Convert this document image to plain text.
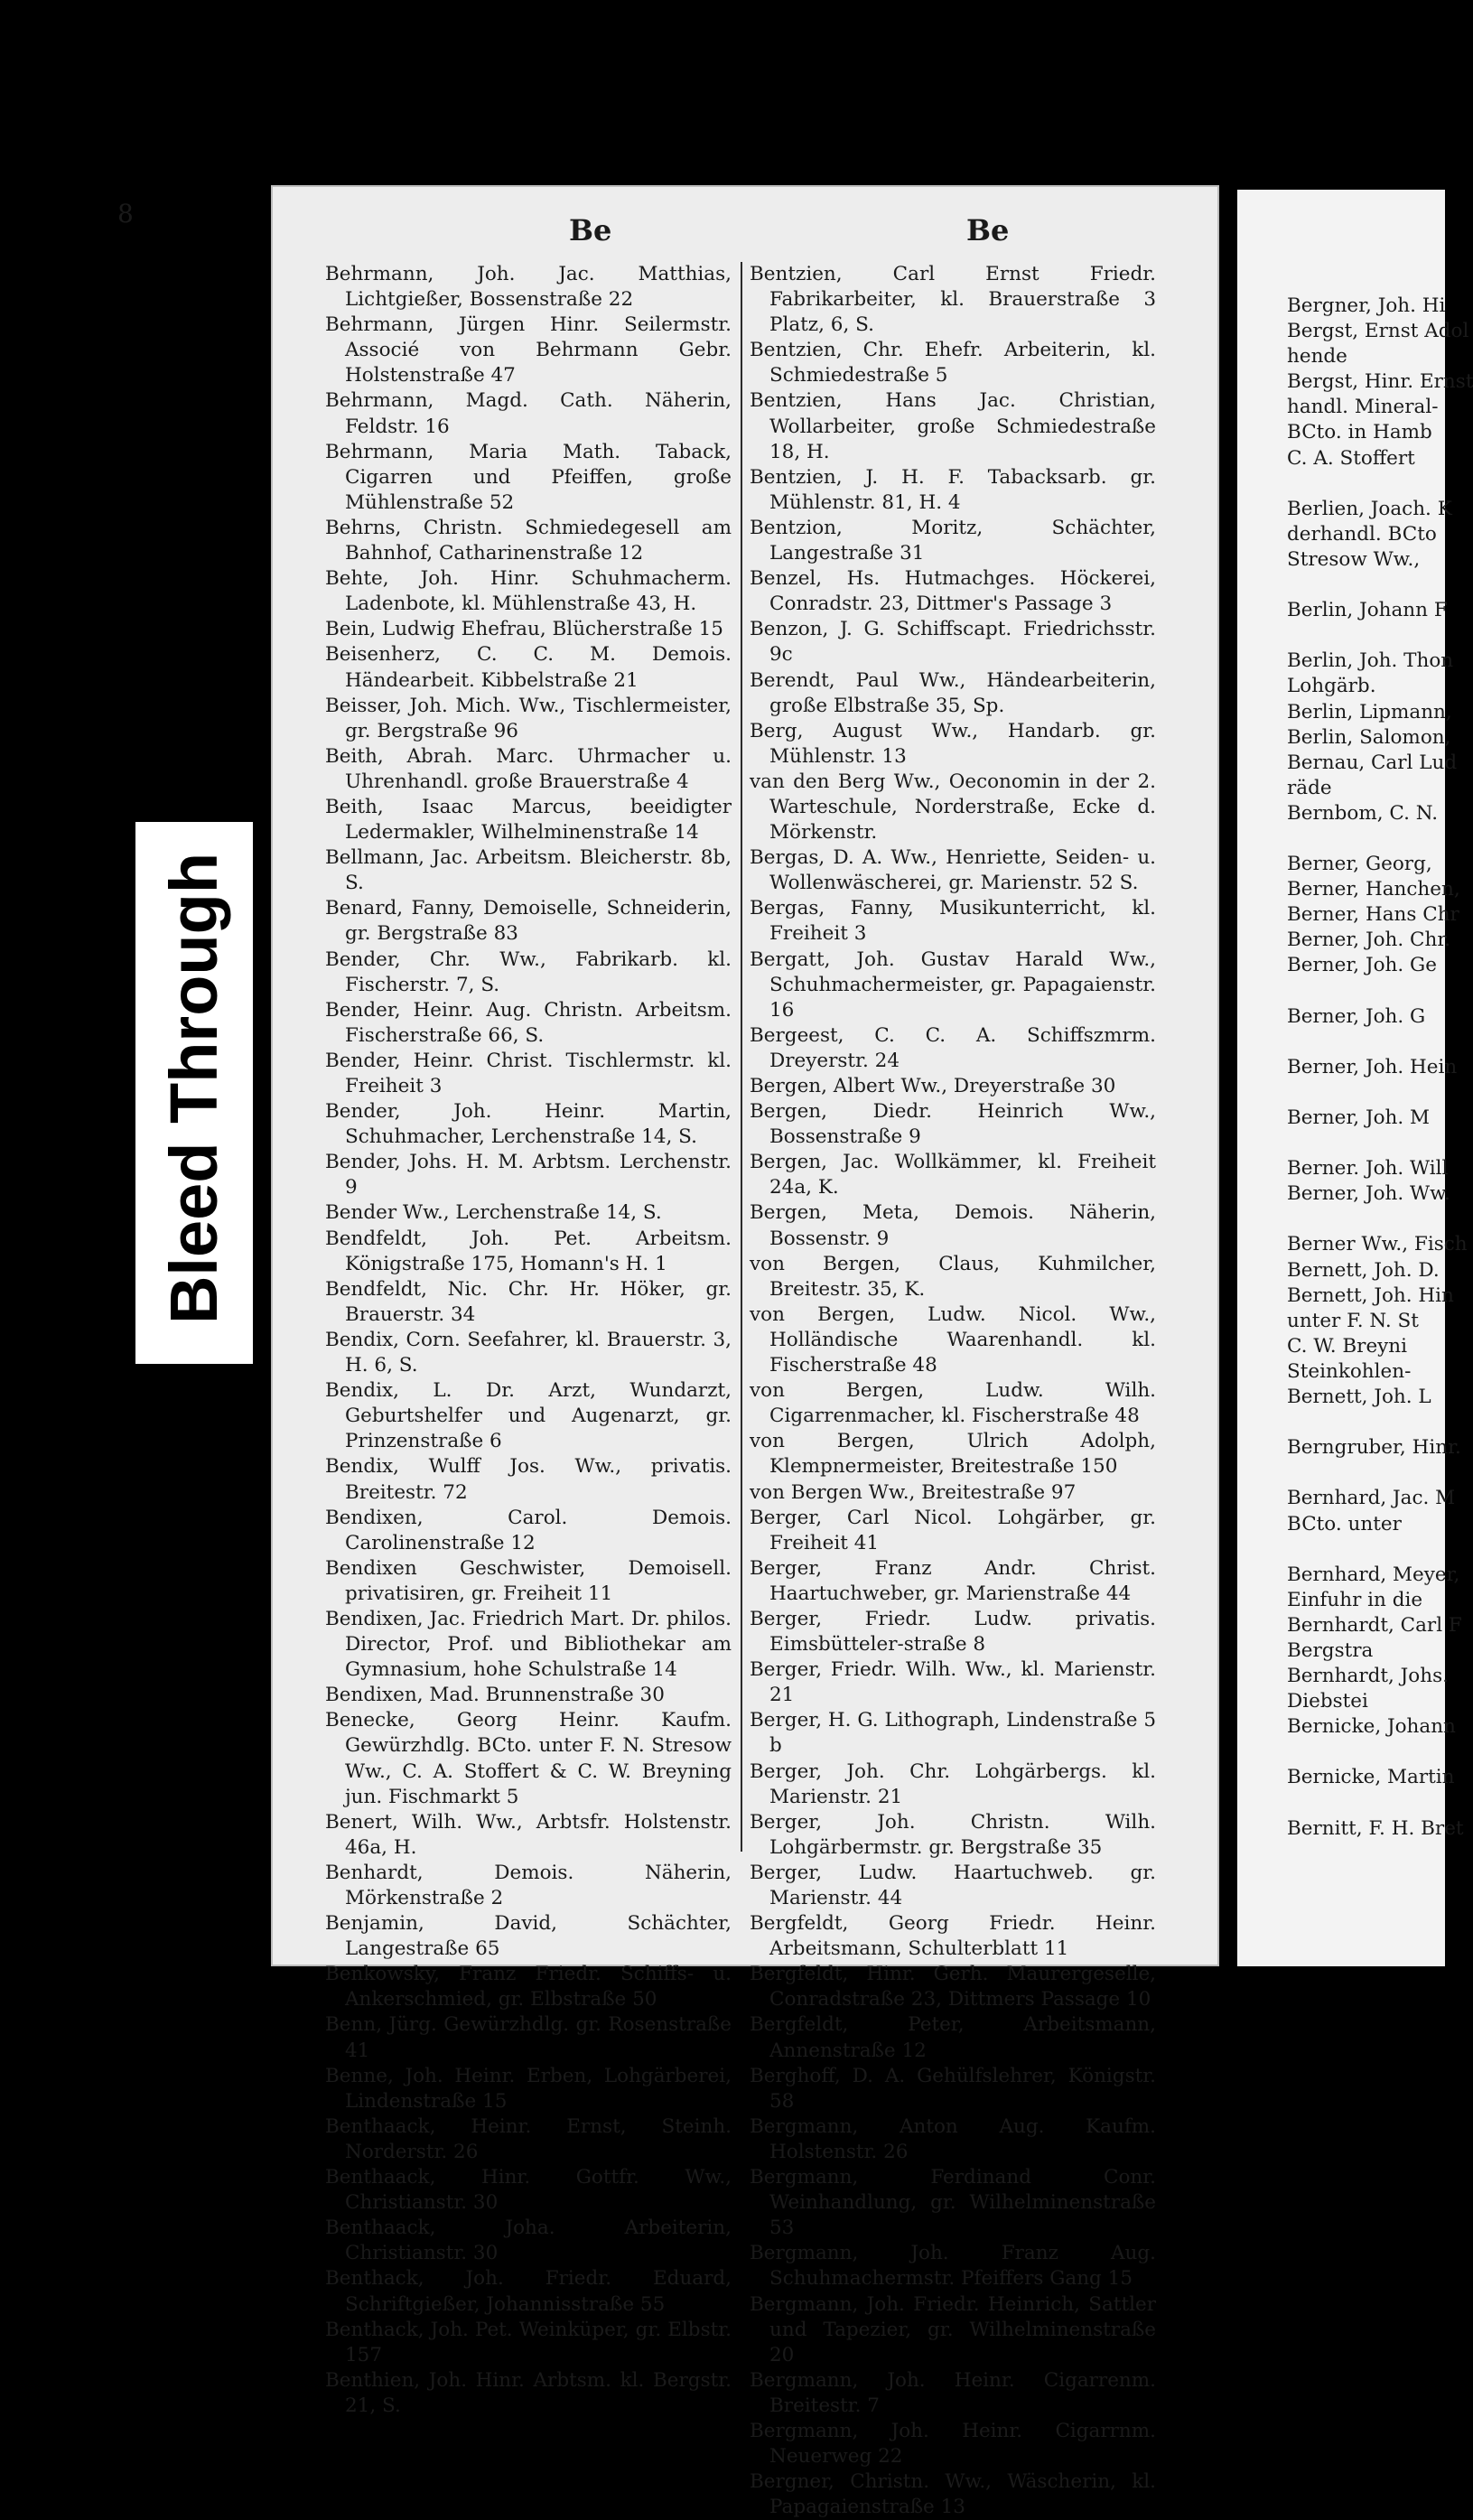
Bleed Through
8	Be	Be
Behrmann, Joh. Jac. Matthias, Lichtgießer, Bossenstraße 22
Behrmann, Jürgen Hinr. Seilermstr. Associé von Behrmann Gebr. Holstenstraße 47
Behrmann, Magd. Cath. Näherin, Feldstr. 16
Behrmann, Maria Math. Taback, Cigarren und Pfeiffen, große Mühlenstraße 52
Behrns, Christn. Schmiedegesell am Bahnhof, Catharinenstraße 12
Behte, Joh. Hinr. Schuhmacherm. Ladenbote, kl. Mühlenstraße 43, H.
Bein, Ludwig Ehefrau, Blücherstraße 15
Beisenherz, C. C. M. Demois. Händearbeit. Kibbelstraße 21
Beisser, Joh. Mich. Ww., Tischlermeister, gr. Bergstraße 96
Beith, Abrah. Marc. Uhrmacher u. Uhrenhandl. große Brauerstraße 4
Beith, Isaac Marcus, beeidigter Ledermakler, Wilhelminenstraße 14
Bellmann, Jac. Arbeitsm. Bleicherstr. 8b, S.
Benard, Fanny, Demoiselle, Schneiderin, gr. Bergstraße 83
Bender, Chr. Ww., Fabrikarb. kl. Fischerstr. 7, S.
Bender, Heinr. Aug. Christn. Arbeitsm. Fischerstraße 66, S.
Bender, Heinr. Christ. Tischlermstr. kl. Freiheit 3
Bender, Joh. Heinr. Martin, Schuhmacher, Lerchenstraße 14, S.
Bender, Johs. H. M. Arbtsm. Lerchenstr. 9
Bender Ww., Lerchenstraße 14, S.
Bendfeldt, Joh. Pet. Arbeitsm. Königstraße 175, Homann's H. 1
Bendfeldt, Nic. Chr. Hr. Höker, gr. Brauerstr. 34
Bendix, Corn. Seefahrer, kl. Brauerstr. 3, H. 6, S.
Bendix, L. Dr. Arzt, Wundarzt, Geburtshelfer und Augenarzt, gr. Prinzenstraße 6
Bendix, Wulff Jos. Ww., privatis. Breitestr. 72
Bendixen, Carol. Demois. Carolinenstraße 12
Bendixen Geschwister, Demoisell. privatisiren, gr. Freiheit 11
Bendixen, Jac. Friedrich Mart. Dr. philos. Director, Prof. und Bibliothekar am Gymnasium, hohe Schulstraße 14
Bendixen, Mad. Brunnenstraße 30
Benecke, Georg Heinr. Kaufm. Gewürzhdlg. BCto. unter F. N. Stresow Ww., C. A. Stoffert & C. W. Breyning jun. Fischmarkt 5
Benert, Wilh. Ww., Arbtsfr. Holstenstr. 46a, H.
Benhardt, Demois. Näherin, Mörkenstraße 2
Benjamin, David, Schächter, Langestraße 65
Benkowsky, Franz Friedr. Schiffs- u. Ankerschmied, gr. Elbstraße 50
Benn, Jürg. Gewürzhdlg. gr. Rosenstraße 41
Benne, Joh. Heinr. Erben, Lohgärberei, Lindenstraße 15
Benthaack, Heinr. Ernst, Steinh. Norderstr. 26
Benthaack, Hinr. Gottfr. Ww., Christianstr. 30
Benthaack, Joha. Arbeiterin, Christianstr. 30
Benthack, Joh. Friedr. Eduard, Schriftgießer, Johannisstraße 55
Benthack, Joh. Pet. Weinküper, gr. Elbstr. 157
Benthien, Joh. Hinr. Arbtsm. kl. Bergstr. 21, S.
Bentzien, Carl Ernst Friedr. Fabrikarbeiter, kl. Brauerstraße 3 Platz, 6, S.
Bentzien, Chr. Ehefr. Arbeiterin, kl. Schmiedestraße 5
Bentzien, Hans Jac. Christian, Wollarbeiter, große Schmiedestraße 18, H.
Bentzien, J. H. F. Tabacksarb. gr. Mühlenstr. 81, H. 4
Bentzion, Moritz, Schächter, Langestraße 31
Benzel, Hs. Hutmachges. Höckerei, Conradstr. 23, Dittmer's Passage 3
Benzon, J. G. Schiffscapt. Friedrichsstr. 9c
Berendt, Paul Ww., Händearbeiterin, große Elbstraße 35, Sp.
Berg, August Ww., Handarb. gr. Mühlenstr. 13
van den Berg Ww., Oeconomin in der 2. Warteschule, Norderstraße, Ecke d. Mörkenstr.
Bergas, D. A. Ww., Henriette, Seiden- u. Wollenwäscherei, gr. Marienstr. 52 S.
Bergas, Fanny, Musikunterricht, kl. Freiheit 3
Bergatt, Joh. Gustav Harald Ww., Schuhmachermeister, gr. Papagaienstr. 16
Bergeest, C. C. A. Schiffszmrm. Dreyerstr. 24
Bergen, Albert Ww., Dreyerstraße 30
Bergen, Diedr. Heinrich Ww., Bossenstraße 9
Bergen, Jac. Wollkämmer, kl. Freiheit 24a, K.
Bergen, Meta, Demois. Näherin, Bossenstr. 9
von Bergen, Claus, Kuhmilcher, Breitestr. 35, K.
von Bergen, Ludw. Nicol. Ww., Holländische Waarenhandl. kl. Fischerstraße 48
von Bergen, Ludw. Wilh. Cigarrenmacher, kl. Fischerstraße 48
von Bergen, Ulrich Adolph, Klempnermeister, Breitestraße 150
von Bergen Ww., Breitestraße 97
Berger, Carl Nicol. Lohgärber, gr. Freiheit 41
Berger, Franz Andr. Christ. Haartuchweber, gr. Marienstraße 44
Berger, Friedr. Ludw. privatis. Eimsbütteler-straße 8
Berger, Friedr. Wilh. Ww., kl. Marienstr. 21
Berger, H. G. Lithograph, Lindenstraße 5 b
Berger, Joh. Chr. Lohgärbergs. kl. Marienstr. 21
Berger, Joh. Christn. Wilh. Lohgärbermstr. gr. Bergstraße 35
Berger, Ludw. Haartuchweb. gr. Marienstr. 44
Bergfeldt, Georg Friedr. Heinr. Arbeitsmann, Schulterblatt 11
Bergfeldt, Hinr. Gerh. Maurergeselle, Conradstraße 23, Dittmers Passage 10
Bergfeldt, Peter, Arbeitsmann, Annenstraße 12
Berghoff, D. A. Gehülfslehrer, Königstr. 58
Bergmann, Anton Aug. Kaufm. Holstenstr. 26
Bergmann, Ferdinand Conr. Weinhandlung, gr. Wilhelminenstraße 53
Bergmann, Joh. Franz Aug. Schuhmachermstr. Pfeiffers Gang 15
Bergmann, Joh. Friedr. Heinrich, Sattler und Tapezier, gr. Wilhelminenstraße 20
Bergmann, Joh. Heinr. Cigarrenm. Breitestr. 7
Bergmann, Joh. Heinr. Cigarrnm. Neuerweg 22
Bergner, Christn. Ww., Wäscherin, kl. Papagaienstraße 13
Bergner, Joh. Hi
Bergst, Ernst Adol
hende
Bergst, Hinr. Ernst
handl. Mineral-
BCto. in Hamb
C. A. Stoffert

Berlien, Joach. K
derhandl. BCto
Stresow Ww.,

Berlin, Johann F

Berlin, Joh. Thon
Lohgärb.
Berlin, Lipmann,
Berlin, Salomon,
Bernau, Carl Lud
räde
Bernbom, C. N.

Berner, Georg,
Berner, Hanchen,
Berner, Hans Chr
Berner, Joh. Chr.
Berner, Joh. Ge

Berner, Joh. G

Berner, Joh. Hein

Berner, Joh. M

Berner. Joh. Will
Berner, Joh. Ww.

Berner Ww., Fisch
Bernett, Joh. D.
Bernett, Joh. Hin
unter F. N. St
C. W. Breyni
Steinkohlen-
Bernett, Joh. L

Berngruber, Hinr.

Bernhard, Jac. M
BCto. unter

Bernhard, Meyer,
Einfuhr in die
Bernhardt, Carl F
Bergstra
Bernhardt, Johs.
Diebstei
Bernicke, Johann

Bernicke, Martin

Bernitt, F. H. Bret
